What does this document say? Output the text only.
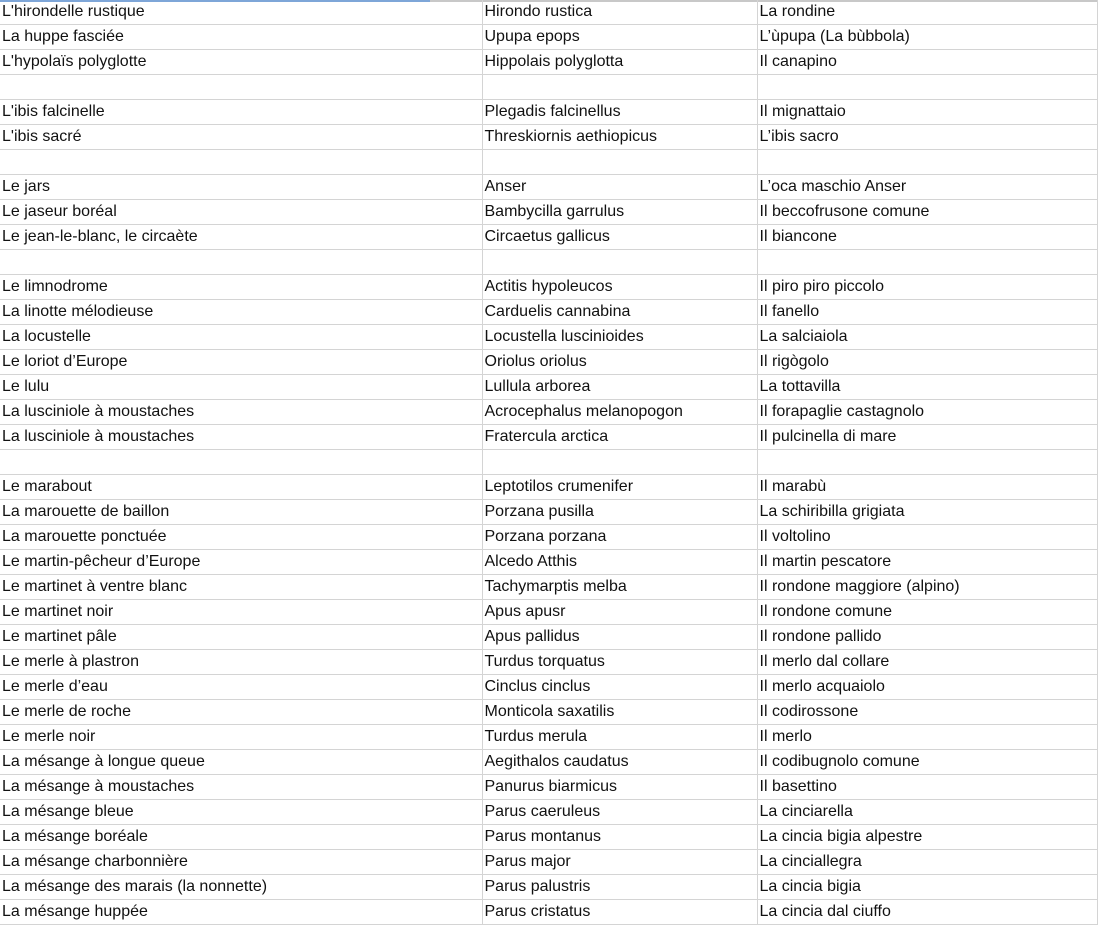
L'hirondelle rustique	Hirondo rustica	La rondine	
La huppe fasciée	Upupa epops	L’ùpupa (La bùbbola)	
L'hypolaïs polyglotte	Hippolais polyglotta	Il canapino	

L'ibis falcinelle	Plegadis falcinellus	Il mignattaio	
L'ibis sacré	Threskiornis aethiopicus	L’ibis sacro	

Le jars	Anser	L’oca maschio Anser	
Le jaseur boréal	Bambycilla garrulus	Il beccofrusone comune	
Le jean-le-blanc, le circaète	Circaetus gallicus	Il biancone	

Le limnodrome	Actitis hypoleucos	Il piro piro piccolo	
La linotte mélodieuse	Carduelis cannabina	Il fanello	
La locustelle	Locustella luscinioides	La salciaiola	
Le loriot d’Europe	Oriolus oriolus	Il rigògolo	
Le lulu	Lullula arborea	La tottavilla	
La lusciniole à moustaches	Acrocephalus melanopogon	Il forapaglie castagnolo	
La lusciniole à moustaches	Fratercula arctica	Il pulcinella di mare	

Le marabout	Leptotilos crumenifer	Il marabù	
La marouette de baillon	Porzana pusilla	La schiribilla grigiata	
La marouette ponctuée	Porzana porzana	Il voltolino	
Le martin-pêcheur d’Europe	Alcedo Atthis	Il martin pescatore	
Le martinet à ventre blanc	Tachymarptis melba	Il rondone maggiore (alpino)	
Le martinet noir	Apus apusr	Il rondone comune	
Le martinet pâle	Apus pallidus	Il rondone pallido	
Le merle à plastron	Turdus torquatus	Il merlo dal collare	
Le merle d’eau	Cinclus cinclus	Il merlo acquaiolo	
Le merle de roche	Monticola saxatilis	Il codirossone	
Le merle noir	Turdus merula	Il merlo	
La mésange à longue queue	Aegithalos caudatus	Il codibugnolo comune	
La mésange à moustaches	Panurus biarmicus	Il basettino	
La mésange bleue	Parus caeruleus	La cinciarella	
La mésange boréale	Parus montanus	La cincia bigia alpestre	
La mésange charbonnière	Parus major	La cinciallegra	
La mésange des marais (la nonnette)	Parus palustris	La cincia bigia	
La mésange huppée	Parus cristatus	La cincia dal ciuffo	
